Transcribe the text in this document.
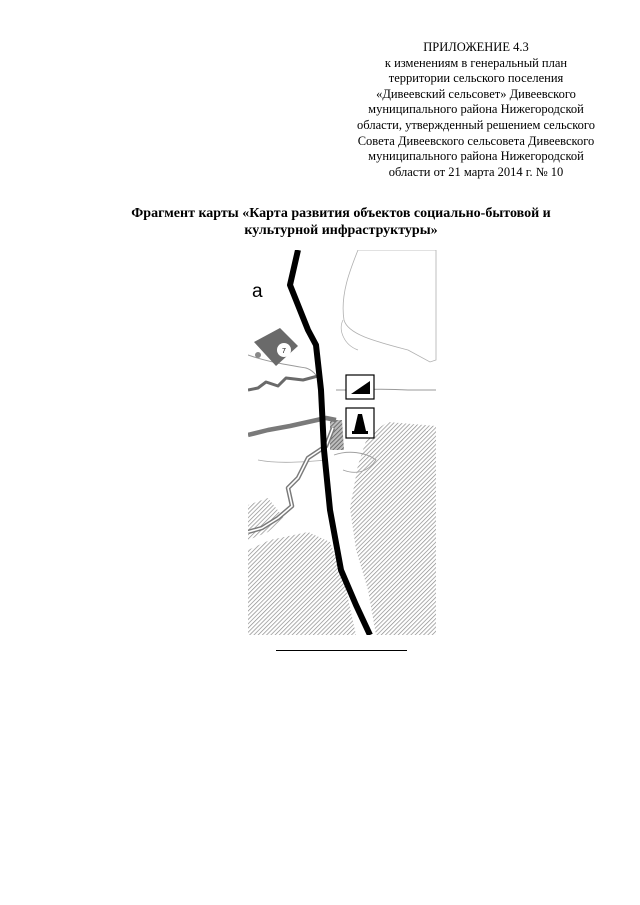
ПРИЛОЖЕНИЕ 4.3
к изменениям в генеральный план
территории сельского поселения
«Дивеевский сельсовет» Дивеевского
муниципального района Нижегородской
области, утвержденный решением сельского
Совета Дивеевского сельсовета Дивеевского
муниципального района Нижегородской
области от 21 марта 2014 г. № 10
Фрагмент карты «Карта развития объектов социально-бытовой и
культурной инфраструктуры»
7
а
